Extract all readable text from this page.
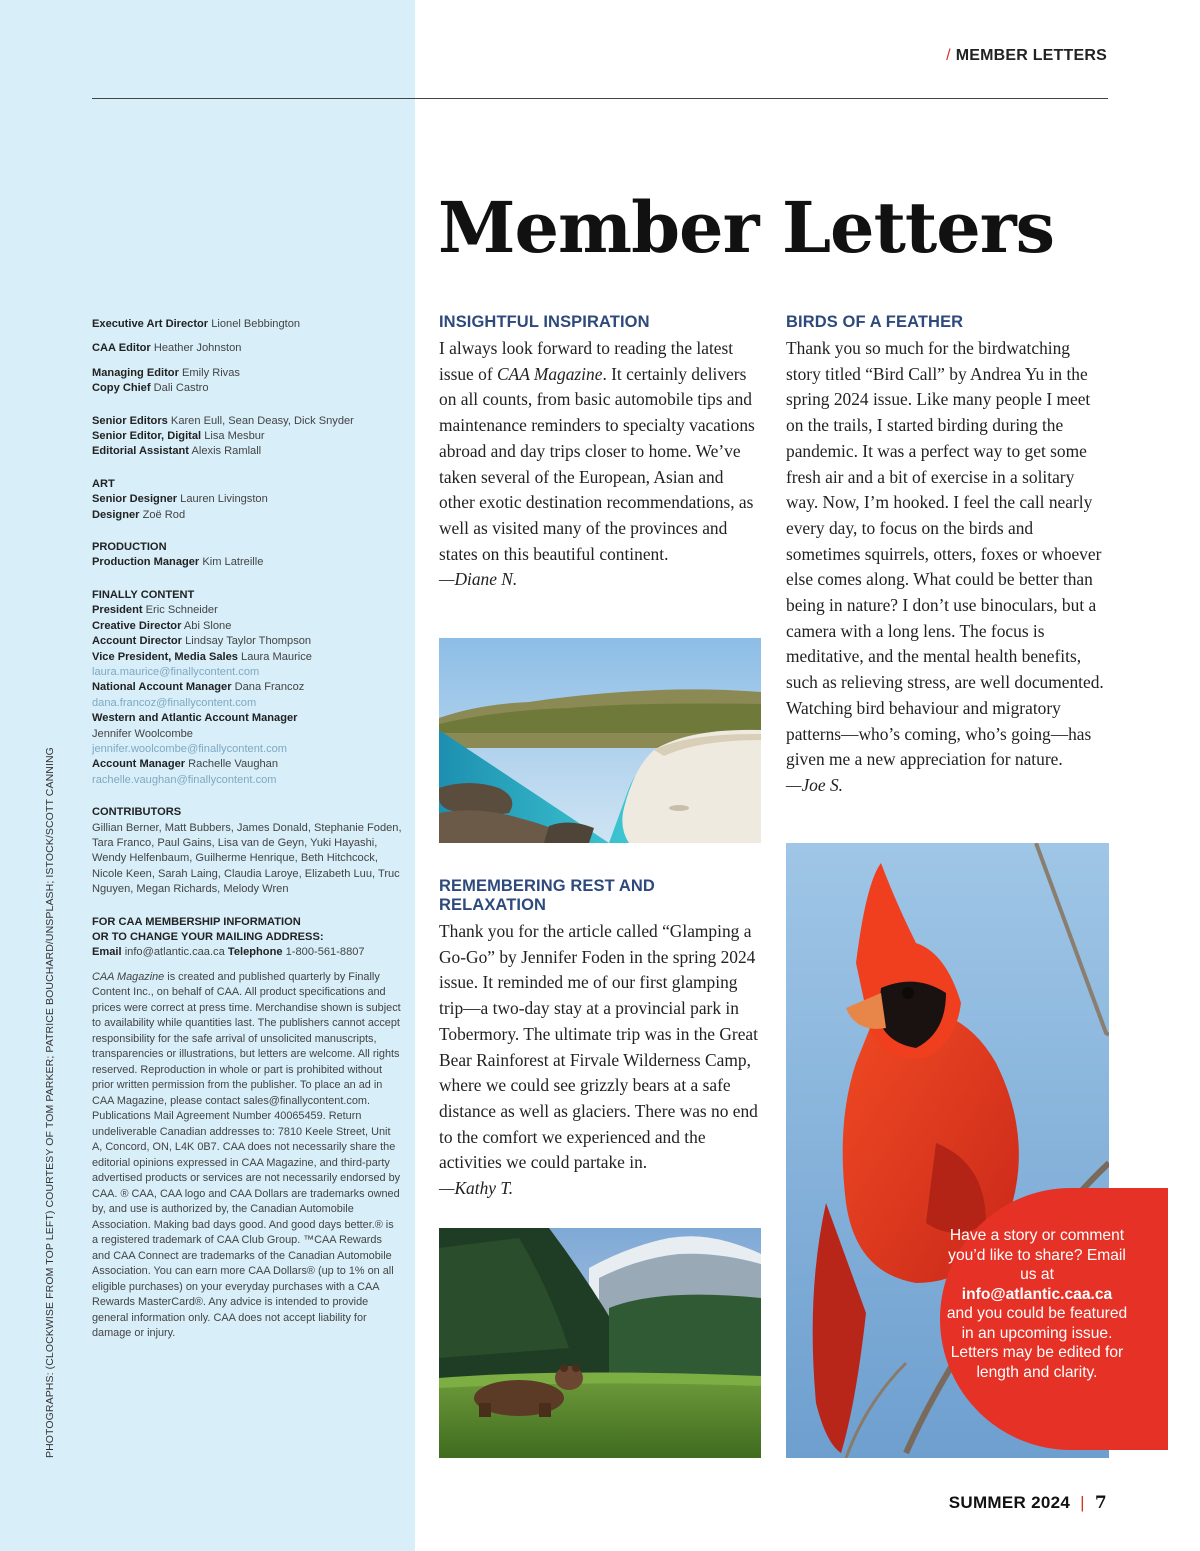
PHOTOGRAPHS: (CLOCKWISE FROM TOP LEFT) COURTESY OF TOM PARKER; PATRICE BOUCHARD/UNSPLASH; ISTOCK/SCOTT CANNING
Executive Art Director Lionel Bebbington
CAA Editor Heather Johnston
Managing Editor Emily Rivas
Copy Chief Dali Castro
Senior Editors Karen Eull, Sean Deasy, Dick Snyder
Senior Editor, Digital Lisa Mesbur
Editorial Assistant Alexis Ramlall
ART
Senior Designer Lauren Livingston
Designer Zoë Rod
PRODUCTION
Production Manager Kim Latreille
FINALLY CONTENT
President Eric Schneider
Creative Director Abi Slone
Account Director Lindsay Taylor Thompson
Vice President, Media Sales Laura Maurice
laura.maurice@finallycontent.com
National Account Manager Dana Francoz
dana.francoz@finallycontent.com
Western and Atlantic Account Manager
Jennifer Woolcombe
jennifer.woolcombe@finallycontent.com
Account Manager Rachelle Vaughan
rachelle.vaughan@finallycontent.com
CONTRIBUTORS
Gillian Berner, Matt Bubbers, James Donald, Stephanie Foden, Tara Franco, Paul Gains, Lisa van de Geyn, Yuki Hayashi, Wendy Helfenbaum, Guilherme Henrique, Beth Hitchcock, Nicole Keen, Sarah Laing, Claudia Laroye, Elizabeth Luu, Truc Nguyen, Megan Richards, Melody Wren
FOR CAA MEMBERSHIP INFORMATION
OR TO CHANGE YOUR MAILING ADDRESS:
Email info@atlantic.caa.ca Telephone 1-800-561-8807
CAA Magazine is created and published quarterly by Finally Content Inc., on behalf of CAA. All product specifications and prices were correct at press time. Merchandise shown is subject to availability while quantities last. The publishers cannot accept responsibility for the safe arrival of unsolicited manuscripts, transparencies or illustrations, but letters are welcome. All rights reserved. Reproduction in whole or part is prohibited without prior written permission from the publisher. To place an ad in CAA Magazine, please contact sales@finallycontent.com. Publications Mail Agreement Number 40065459. Return undeliverable Canadian addresses to: 7810 Keele Street, Unit A, Concord, ON, L4K 0B7. CAA does not necessarily share the editorial opinions expressed in CAA Magazine, and third-party advertised products or services are not necessarily endorsed by CAA. ® CAA, CAA logo and CAA Dollars are trademarks owned by, and use is authorized by, the Canadian Automobile Association. Making bad days good. And good days better.® is a registered trademark of CAA Club Group. ™CAA Rewards and CAA Connect are trademarks of the Canadian Automobile Association. You can earn more CAA Dollars® (up to 1% on all eligible purchases) on your everyday purchases with a CAA Rewards MasterCard®. Any advice is intended to provide general information only. CAA does not accept liability for damage or injury.
/ MEMBER LETTERS
Member Letters
INSIGHTFUL INSPIRATION

I always look forward to reading the latest issue of CAA Magazine. It certainly delivers on all counts, from basic automobile tips and maintenance reminders to specialty vacations abroad and day trips closer to home. We’ve taken several of the European, Asian and other exotic destination recommendations, as well as visited many of the provinces and states on this beautiful continent.

—Diane N.
REMEMBERING REST AND RELAXATION

Thank you for the article called “Glamping a Go-Go” by Jennifer Foden in the spring 2024 issue. It reminded me of our first glamping trip—a two-day stay at a provincial park in Tobermory. The ultimate trip was in the Great Bear Rainforest at Firvale Wilderness Camp, where we could see grizzly bears at a safe distance as well as glaciers. There was no end to the comfort we experienced and the activities we could partake in.

—Kathy T.
BIRDS OF A FEATHER

Thank you so much for the birdwatching story titled “Bird Call” by Andrea Yu in the spring 2024 issue. Like many people I meet on the trails, I started birding during the pandemic. It was a perfect way to get some fresh air and a bit of exercise in a solitary way. Now, I’m hooked. I feel the call nearly every day, to focus on the birds and sometimes squirrels, otters, foxes or whoever else comes along. What could be better than being in nature? I don’t use binoculars, but a camera with a long lens. The focus is meditative, and the mental health benefits, such as relieving stress, are well documented. Watching bird behaviour and migratory patterns—who’s coming, who’s going—has given me a new appreciation for nature.

—Joe S.
Have a story or comment you’d like to share? Email us at
info@atlantic.caa.ca
and you could be featured in an upcoming issue. Letters may be edited for length and clarity.
SUMMER 2024 | 7
